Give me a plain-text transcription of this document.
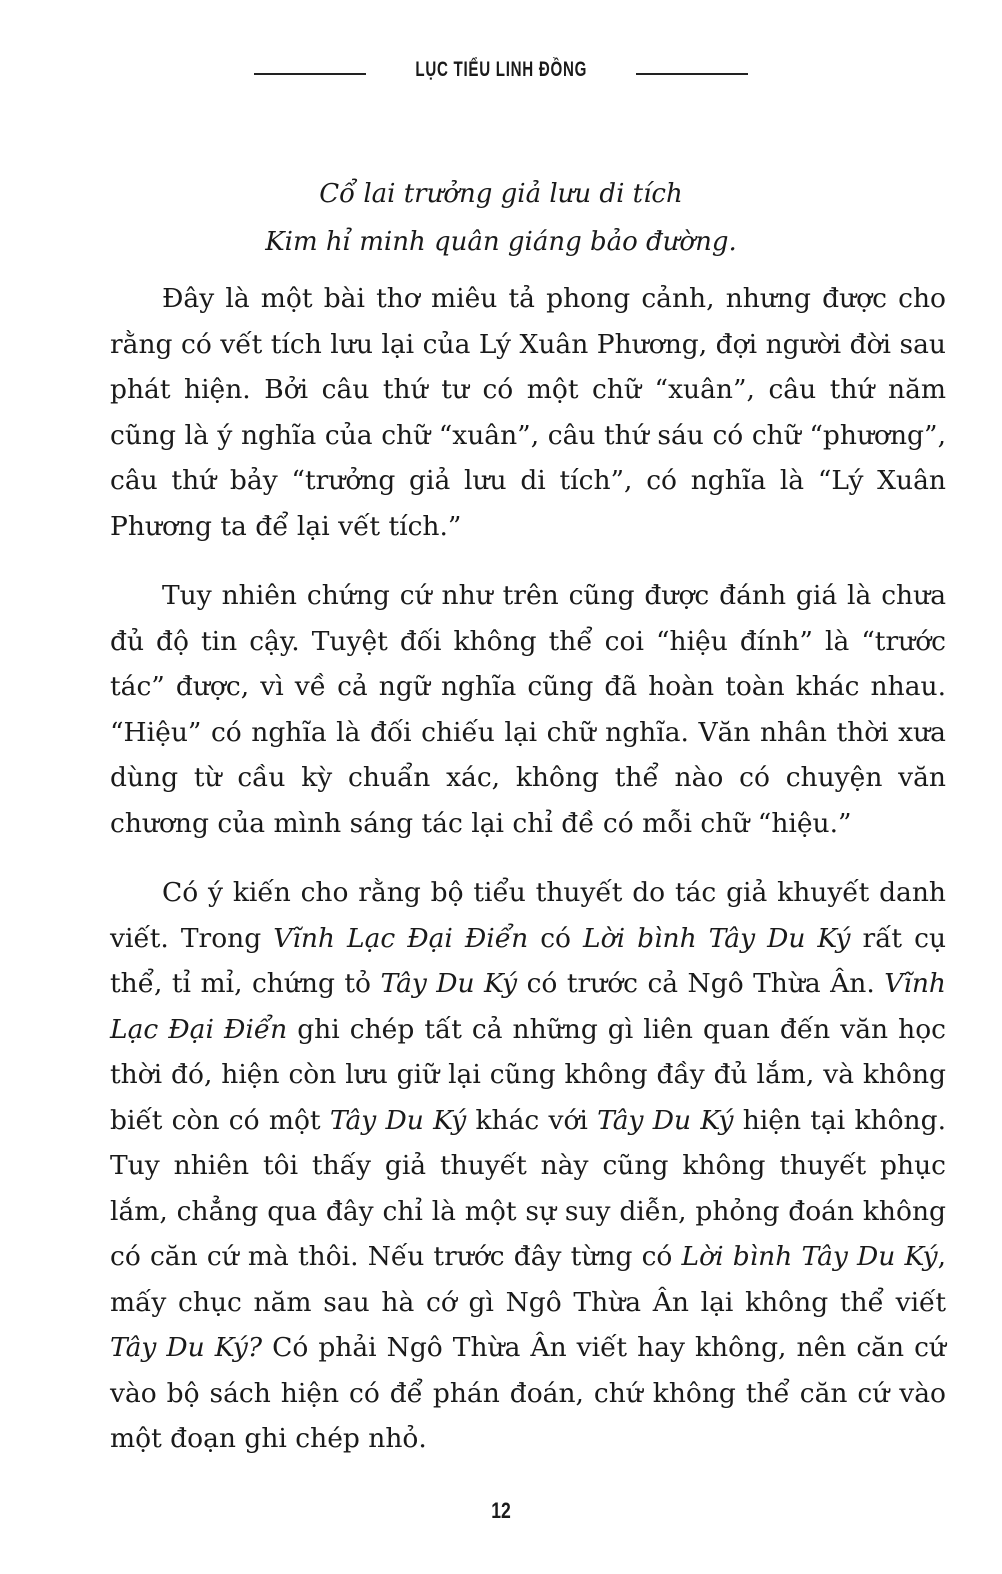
LỤC TIỂU LINH ĐỒNG
Cổ lai trưởng giả lưu di tích
Kim hỉ minh quân giáng bảo đường.

Đây là một bài thơ miêu tả phong cảnh, nhưng được cho rằng có vết tích lưu lại của Lý Xuân Phương, đợi người đời sau phát hiện. Bởi câu thứ tư có một chữ “xuân”, câu thứ năm cũng là ý nghĩa của chữ “xuân”, câu thứ sáu có chữ “phương”, câu thứ bảy “trưởng giả lưu di tích”, có nghĩa là “Lý Xuân Phương ta để lại vết tích.”

Tuy nhiên chứng cứ như trên cũng được đánh giá là chưa đủ độ tin cậy. Tuyệt đối không thể coi “hiệu đính” là “trước tác” được, vì về cả ngữ nghĩa cũng đã hoàn toàn khác nhau. “Hiệu” có nghĩa là đối chiếu lại chữ nghĩa. Văn nhân thời xưa dùng từ cầu kỳ chuẩn xác, không thể nào có chuyện văn chương của mình sáng tác lại chỉ đề có mỗi chữ “hiệu.”

Có ý kiến cho rằng bộ tiểu thuyết do tác giả khuyết danh viết. Trong Vĩnh Lạc Đại Điển có Lời bình Tây Du Ký rất cụ thể, tỉ mỉ, chứng tỏ Tây Du Ký có trước cả Ngô Thừa Ân. Vĩnh Lạc Đại Điển ghi chép tất cả những gì liên quan đến văn học thời đó, hiện còn lưu giữ lại cũng không đầy đủ lắm, và không biết còn có một Tây Du Ký khác với Tây Du Ký hiện tại không. Tuy nhiên tôi thấy giả thuyết này cũng không thuyết phục lắm, chẳng qua đây chỉ là một sự suy diễn, phỏng đoán không có căn cứ mà thôi. Nếu trước đây từng có Lời bình Tây Du Ký, mấy chục năm sau hà cớ gì Ngô Thừa Ân lại không thể viết Tây Du Ký? Có phải Ngô Thừa Ân viết hay không, nên căn cứ vào bộ sách hiện có để phán đoán, chứ không thể căn cứ vào một đoạn ghi chép nhỏ.

12
